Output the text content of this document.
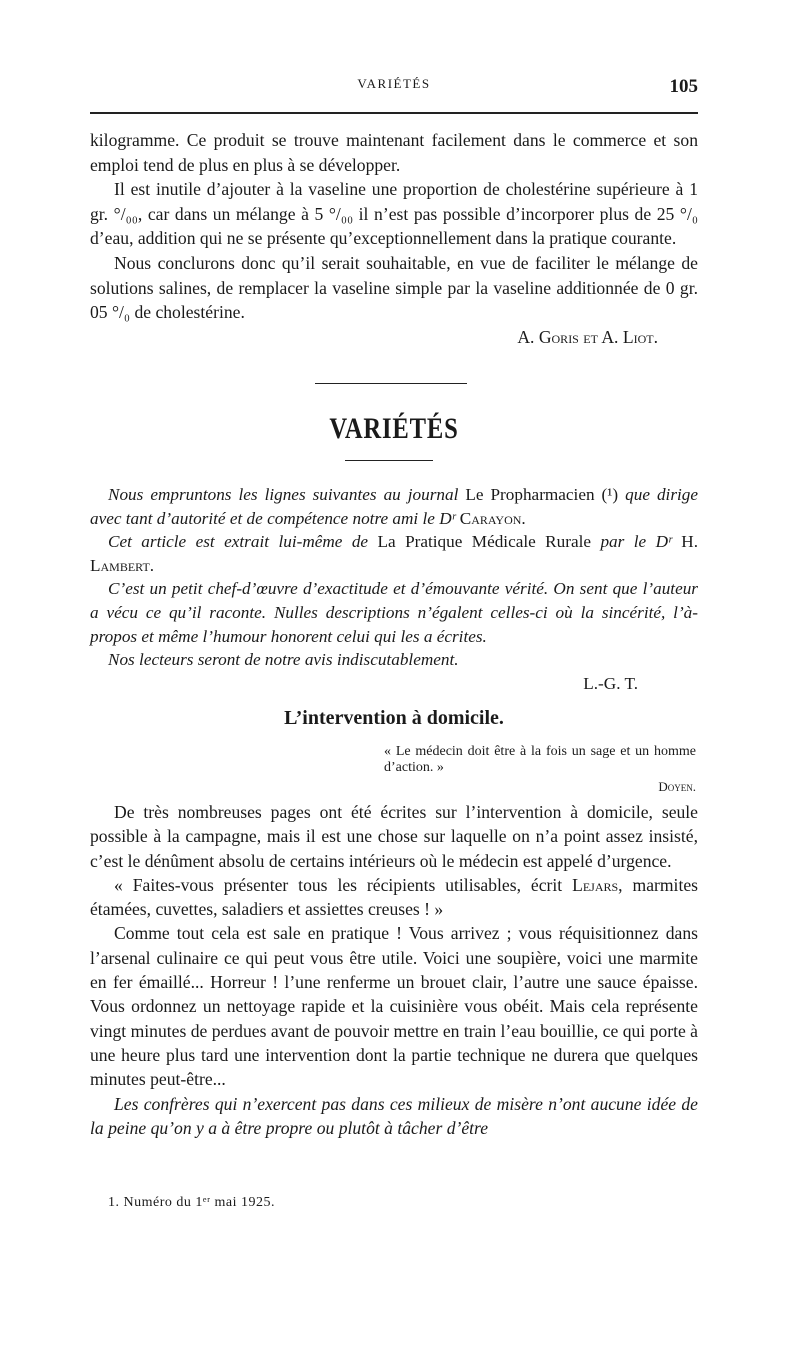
VARIÉTÉS	105

kilogramme. Ce produit se trouve maintenant facilement dans le commerce et son emploi tend de plus en plus à se développer.

Il est inutile d’ajouter à la vaseline une proportion de cholestérine supérieure à 1 gr. °/₀₀, car dans un mélange à 5 °/₀₀ il n’est pas possible d’incorporer plus de 25 °/₀ d’eau, addition qui ne se présente qu’exceptionnellement dans la pratique courante.

Nous conclurons donc qu’il serait souhaitable, en vue de faciliter le mélange de solutions salines, de remplacer la vaseline simple par la vaseline additionnée de 0 gr. 05 °/₀ de cholestérine.

A. Goris et A. Liot.

VARIÉTÉS

Nous empruntons les lignes suivantes au journal Le Propharmacien (¹) que dirige avec tant d’autorité et de compétence notre ami le Dʳ Carayon.

Cet article est extrait lui-même de La Pratique Médicale Rurale par le Dʳ H. Lambert.

C’est un petit chef-d’œuvre d’exactitude et d’émouvante vérité. On sent que l’auteur a vécu ce qu’il raconte. Nulles descriptions n’égalent celles-ci où la sincérité, l’à-propos et même l’humour honorent celui qui les a écrites.

Nos lecteurs seront de notre avis indiscutablement.

L.-G. T.

L’intervention à domicile.
« Le médecin doit être à la fois un sage et un homme d’action. »
Doyen.

De très nombreuses pages ont été écrites sur l’intervention à domicile, seule possible à la campagne, mais il est une chose sur laquelle on n’a point assez insisté, c’est le dénûment absolu de certains intérieurs où le médecin est appelé d’urgence.

« Faites-vous présenter tous les récipients utilisables, écrit Lejars, marmites étamées, cuvettes, saladiers et assiettes creuses ! »

Comme tout cela est sale en pratique ! Vous arrivez ; vous réquisitionnez dans l’arsenal culinaire ce qui peut vous être utile. Voici une soupière, voici une marmite en fer émaillé... Horreur ! l’une renferme un brouet clair, l’autre une sauce épaisse. Vous ordonnez un nettoyage rapide et la cuisinière vous obéit. Mais cela représente vingt minutes de perdues avant de pouvoir mettre en train l’eau bouillie, ce qui porte à une heure plus tard une intervention dont la partie technique ne durera que quelques minutes peut-être...

Les confrères qui n’exercent pas dans ces milieux de misère n’ont aucune idée de la peine qu’on y a à être propre ou plutôt à tâcher d’être

1. Numéro du 1ᵉʳ mai 1925.
